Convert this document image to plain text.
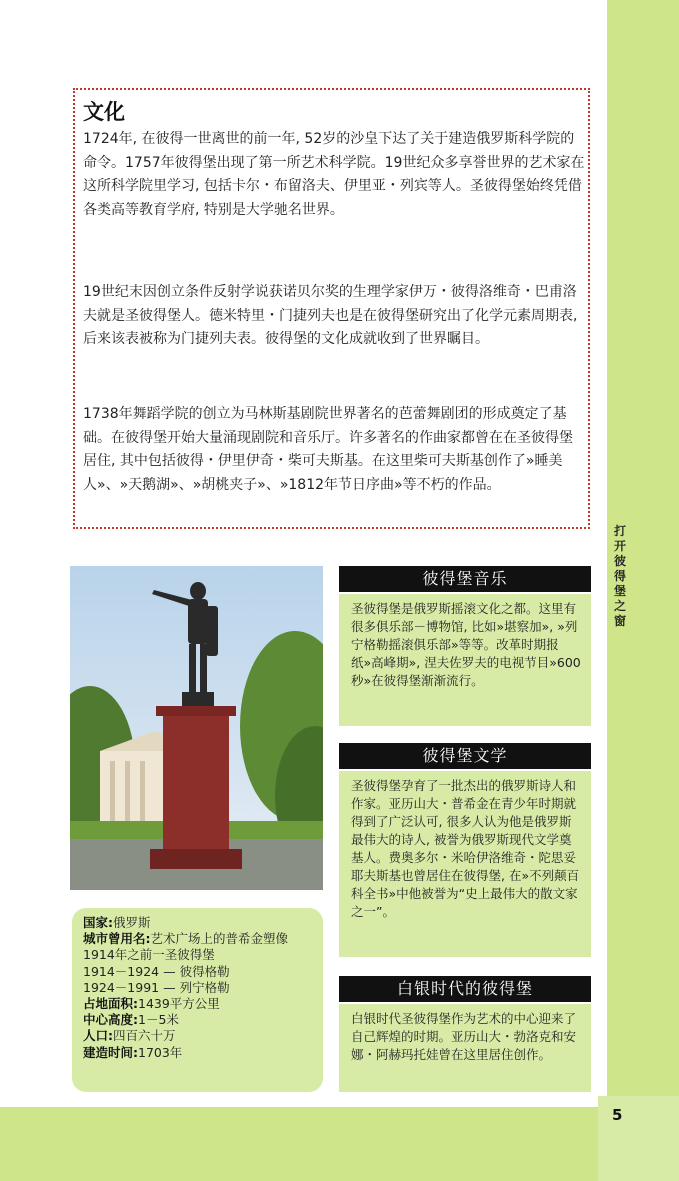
打开彼得堡之窗
5
文化
1724年, 在彼得一世离世的前一年, 52岁的沙皇下达了关于建造俄罗斯科学院的命令。1757年彼得堡出现了第一所艺术科学院。19世纪众多享誉世界的艺术家在这所科学院里学习, 包括卡尔・布留洛夫、伊里亚・列宾等人。圣彼得堡始终凭借各类高等教育学府, 特别是大学驰名世界。
19世纪末因创立条件反射学说获诺贝尔奖的生理学家伊万・彼得洛维奇・巴甫洛夫就是圣彼得堡人。德米特里・门捷列夫也是在彼得堡研究出了化学元素周期表, 后来该表被称为门捷列夫表。彼得堡的文化成就收到了世界瞩目。
1738年舞蹈学院的创立为马林斯基剧院世界著名的芭蕾舞剧团的形成奠定了基础。在彼得堡开始大量涌现剧院和音乐厅。许多著名的作曲家都曾在在圣彼得堡居住, 其中包括彼得・伊里伊奇・柴可夫斯基。在这里柴可夫斯基创作了»睡美人»、»天鹅湖»、»胡桃夹子»、»1812年节日序曲»等不朽的作品。
国家:俄罗斯
城市曾用名:艺术广场上的普希金塑像
1914年之前一圣彼得堡
1914－1924 — 彼得格勒
1924－1991 — 列宁格勒
占地面积:1439平方公里
中心高度:1－5米
人口:四百六十万
建造时间:1703年
彼得堡音乐
圣彼得堡是俄罗斯摇滚文化之都。这里有很多俱乐部－博物馆, 比如»堪察加», »列宁格勒摇滚俱乐部»等等。改革时期报纸»高峰期», 涅夫佐罗夫的电视节目»600秒»在彼得堡渐渐流行。
彼得堡文学
圣彼得堡孕育了一批杰出的俄罗斯诗人和作家。亚历山大・普希金在青少年时期就得到了广泛认可, 很多人认为他是俄罗斯最伟大的诗人, 被誉为俄罗斯现代文学奠基人。费奥多尔・米哈伊洛维奇・陀思妥耶夫斯基也曾居住在彼得堡, 在»不列颠百科全书»中他被誉为“史上最伟大的散文家之一”。
白银时代的彼得堡
白银时代圣彼得堡作为艺术的中心迎来了自己辉煌的时期。亚历山大・勃洛克和安娜・阿赫玛托娃曾在这里居住创作。
